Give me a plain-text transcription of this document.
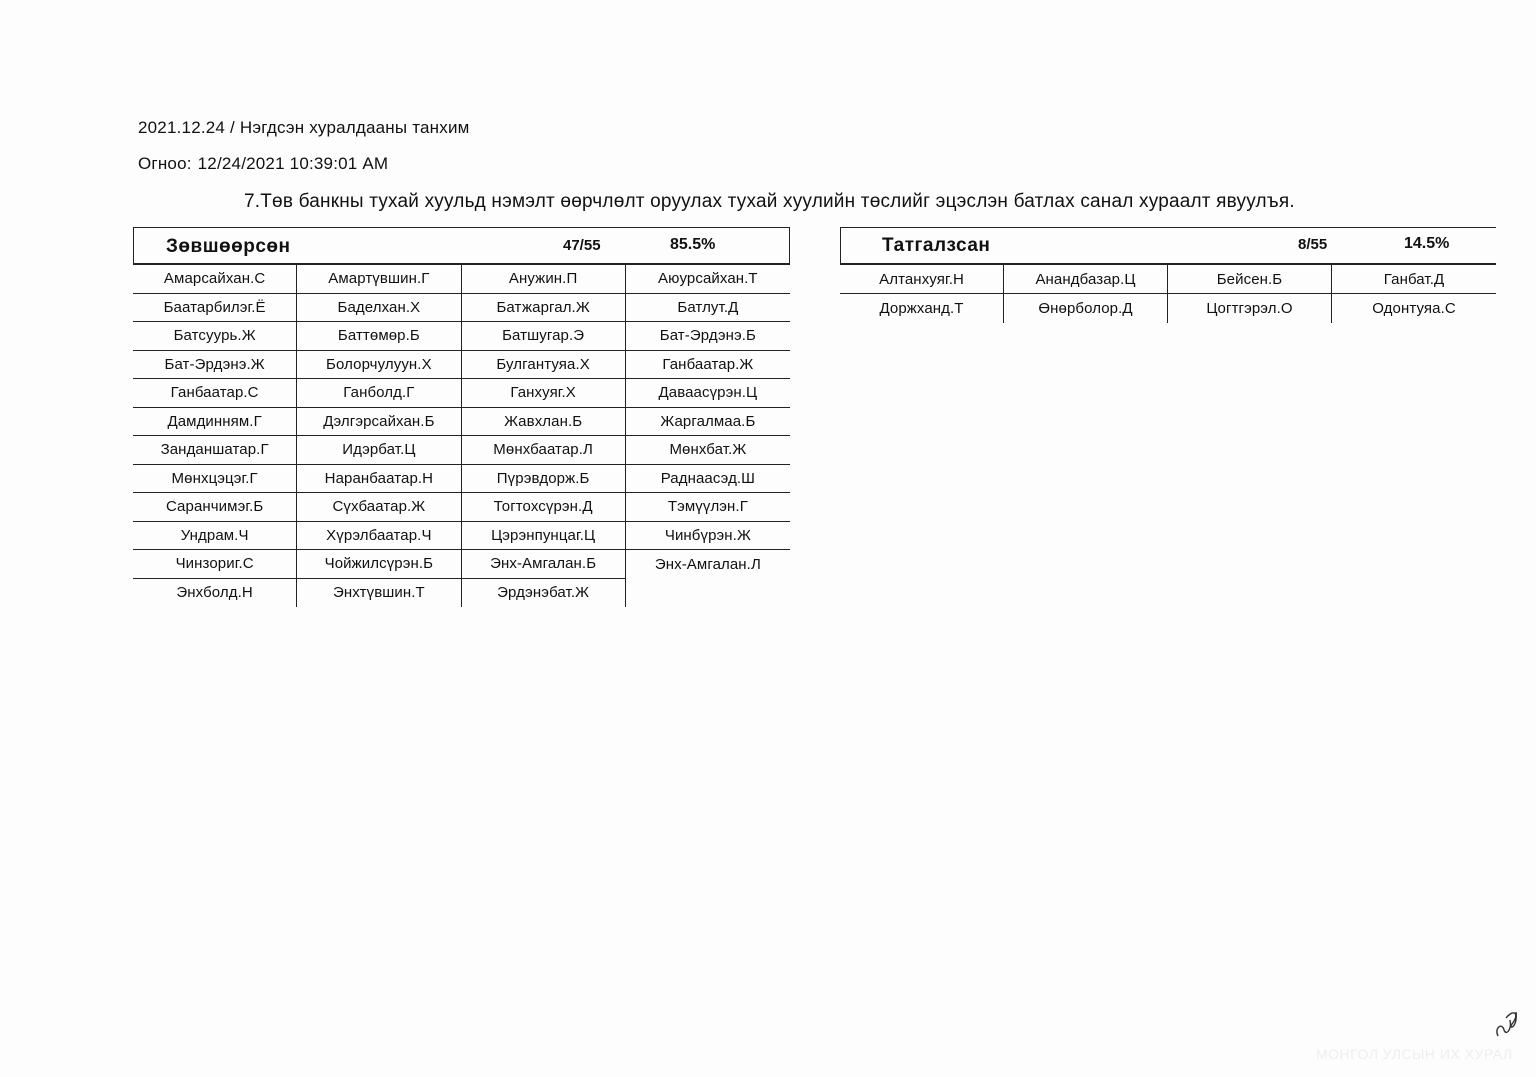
2021.12.24 / Нэгдсэн хуралдааны танхим
Огноо: 12/24/2021 10:39:01 AM
7.Төв банкны тухай хуульд нэмэлт өөрчлөлт оруулах тухай хуулийн төслийг эцэслэн батлах санал хураалт явуулъя.
Зөвшөөрсөн	47/55	85.5%
Амарсайхан.С	Амартүвшин.Г	Анужин.П	Аюурсайхан.Т
Баатарбилэг.Ё	Баделхан.Х	Батжаргал.Ж	Батлут.Д
Батсуурь.Ж	Баттөмөр.Б	Батшугар.Э	Бат-Эрдэнэ.Б
Бат-Эрдэнэ.Ж	Болорчулуун.Х	Булгантуяа.Х	Ганбаатар.Ж
Ганбаатар.С	Ганболд.Г	Ганхуяг.Х	Даваасүрэн.Ц
Дамдинням.Г	Дэлгэрсайхан.Б	Жавхлан.Б	Жаргалмаа.Б
Занданшатар.Г	Идэрбат.Ц	Мөнхбаатар.Л	Мөнхбат.Ж
Мөнхцэцэг.Г	Наранбаатар.Н	Пүрэвдорж.Б	Раднаасэд.Ш
Саранчимэг.Б	Сүхбаатар.Ж	Тогтохсүрэн.Д	Тэмүүлэн.Г
Ундрам.Ч	Хүрэлбаатар.Ч	Цэрэнпунцаг.Ц	Чинбүрэн.Ж
Чинзориг.С	Чойжилсүрэн.Б	Энх-Амгалан.Б	Энх-Амгалан.Л
Энхболд.Н	Энхтүвшин.Т	Эрдэнэбат.Ж
Татгалзсан	8/55	14.5%
Алтанхуяг.Н	Анандбазар.Ц	Бейсен.Б	Ганбат.Д
Доржханд.Т	Өнөрболор.Д	Цогтгэрэл.О	Одонтуяа.С
МОНГОЛ УЛСЫН ИХ ХУРАЛ
